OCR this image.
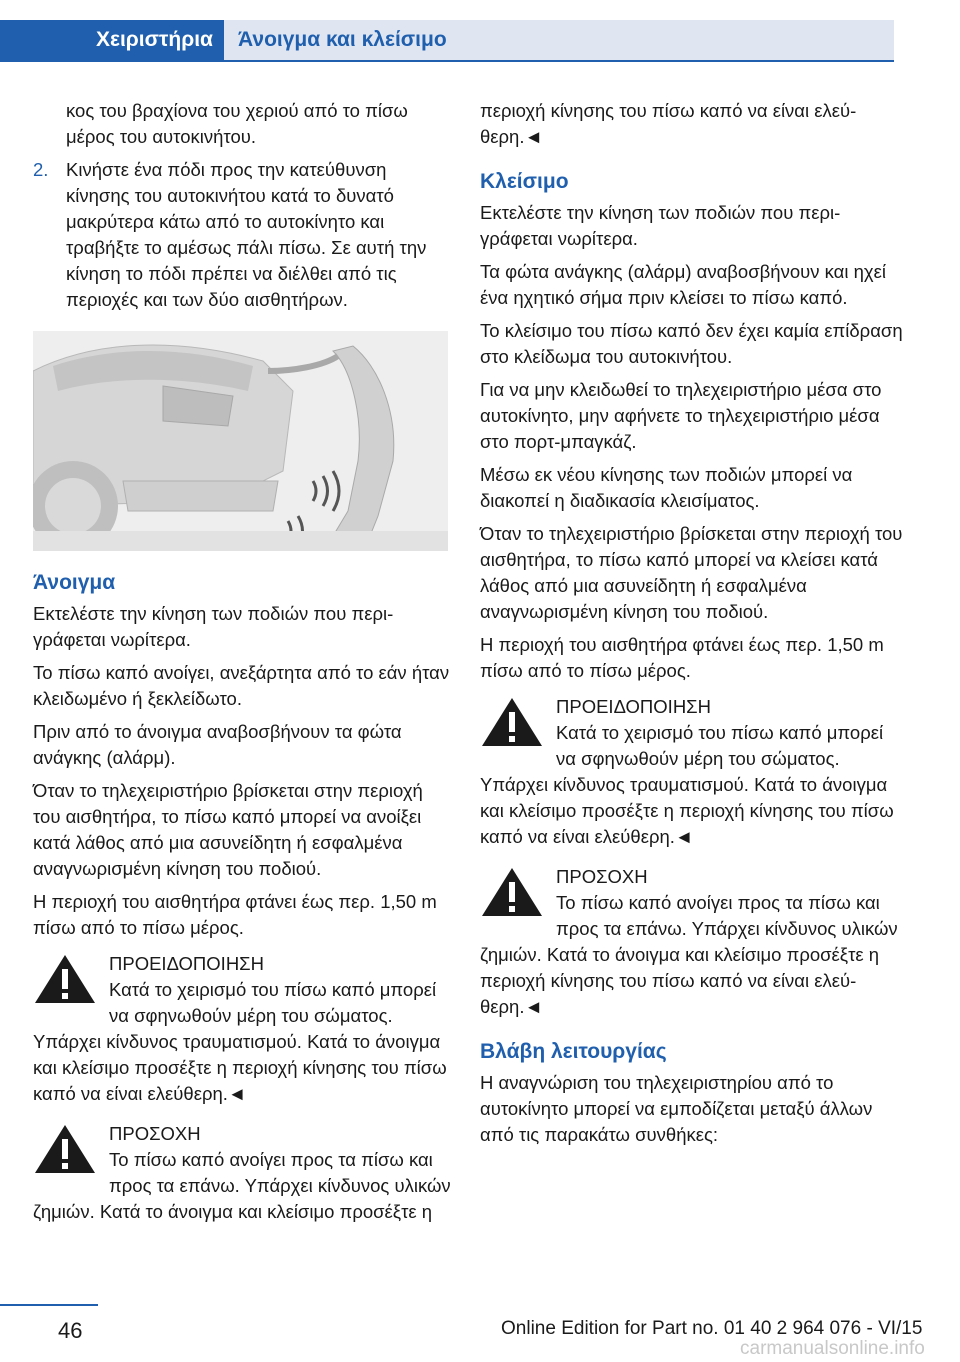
Χειριστήρια	Άνοιγμα και κλείσιμο
κος του βραχίονα του χεριού από το πίσω μέρος του αυτοκινήτου.
2. Κινήστε ένα πόδι προς την κατεύθυνση κίνησης του αυτοκινήτου κατά το δυνατό μακρύτερα κάτω από το αυτοκίνητο και τραβήξτε το αμέσως πάλι πίσω. Σε αυτή την κίνηση το πόδι πρέπει να διέλθει από τις περιοχές και των δύο αισθητήρων.
Άνοιγμα
Εκτελέστε την κίνηση των ποδιών που περιγράφεται νωρίτερα.
Το πίσω καπό ανοίγει, ανεξάρτητα από το εάν ήταν κλειδωμένο ή ξεκλείδωτο.
Πριν από το άνοιγμα αναβοσβήνουν τα φώτα ανάγκης (αλάρμ).
Όταν το τηλεχειριστήριο βρίσκεται στην περιοχή του αισθητήρα, το πίσω καπό μπορεί να ανοίξει κατά λάθος από μια ασυνείδητη ή εσφαλμένα αναγνωρισμένη κίνηση του ποδιού.
Η περιοχή του αισθητήρα φτάνει έως περ. 1,50 m πίσω από το πίσω μέρος.
ΠΡΟΕΙΔΟΠΟΙΗΣΗ
Κατά το χειρισμό του πίσω καπό μπορεί να σφηνωθούν μέρη του σώματος. Υπάρχει κίνδυνος τραυματισμού. Κατά το άνοιγμα και κλείσιμο προσέξτε η περιοχή κίνησης του πίσω καπό να είναι ελεύθερη.◄
ΠΡΟΣΟΧΗ
Το πίσω καπό ανοίγει προς τα πίσω και προς τα επάνω. Υπάρχει κίνδυνος υλικών ζημιών. Κατά το άνοιγμα και κλείσιμο προσέξτε η
περιοχή κίνησης του πίσω καπό να είναι ελεύθερη.◄
Κλείσιμο
Εκτελέστε την κίνηση των ποδιών που περιγράφεται νωρίτερα.
Τα φώτα ανάγκης (αλάρμ) αναβοσβήνουν και ηχεί ένα ηχητικό σήμα πριν κλείσει το πίσω καπό.
Το κλείσιμο του πίσω καπό δεν έχει καμία επίδραση στο κλείδωμα του αυτοκινήτου.
Για να μην κλειδωθεί το τηλεχειριστήριο μέσα στο αυτοκίνητο, μην αφήνετε το τηλεχειριστήριο μέσα στο πορτ-μπαγκάζ.
Μέσω εκ νέου κίνησης των ποδιών μπορεί να διακοπεί η διαδικασία κλεισίματος.
Όταν το τηλεχειριστήριο βρίσκεται στην περιοχή του αισθητήρα, το πίσω καπό μπορεί να κλείσει κατά λάθος από μια ασυνείδητη ή εσφαλμένα αναγνωρισμένη κίνηση του ποδιού.
Η περιοχή του αισθητήρα φτάνει έως περ. 1,50 m πίσω από το πίσω μέρος.
ΠΡΟΕΙΔΟΠΟΙΗΣΗ
Κατά το χειρισμό του πίσω καπό μπορεί να σφηνωθούν μέρη του σώματος. Υπάρχει κίνδυνος τραυματισμού. Κατά το άνοιγμα και κλείσιμο προσέξτε η περιοχή κίνησης του πίσω καπό να είναι ελεύθερη.◄
ΠΡΟΣΟΧΗ
Το πίσω καπό ανοίγει προς τα πίσω και προς τα επάνω. Υπάρχει κίνδυνος υλικών ζημιών. Κατά το άνοιγμα και κλείσιμο προσέξτε η περιοχή κίνησης του πίσω καπό να είναι ελεύθερη.◄
Βλάβη λειτουργίας
Η αναγνώριση του τηλεχειριστηρίου από το αυτοκίνητο μπορεί να εμποδίζεται μεταξύ άλλων από τις παρακάτω συνθήκες:
46	Online Edition for Part no. 01 40 2 964 076 - VI/15
carmanualsonline.info
